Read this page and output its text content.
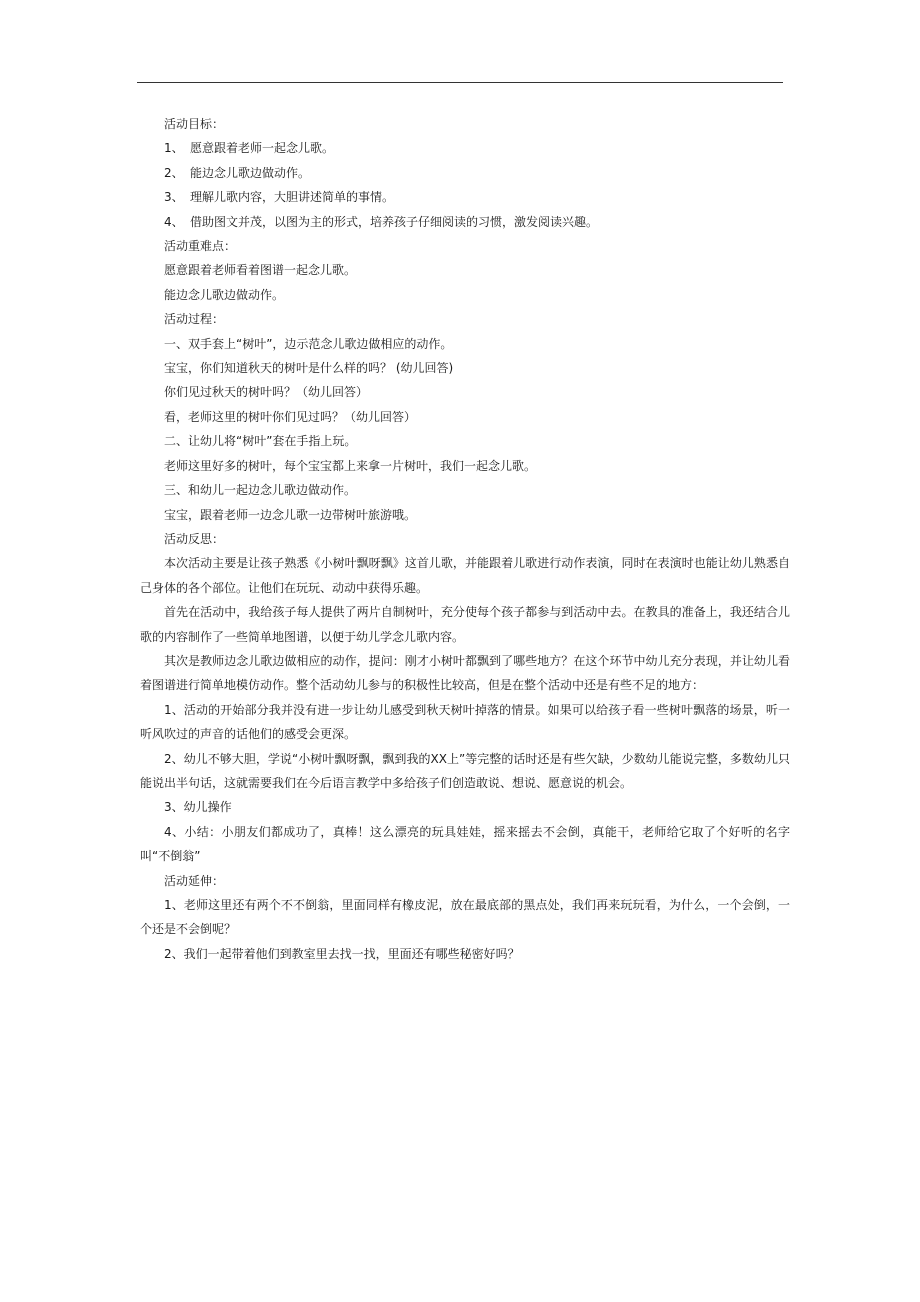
活动目标：
1、 愿意跟着老师一起念儿歌。
2、 能边念儿歌边做动作。
3、 理解儿歌内容，大胆讲述简单的事情。
4、 借助图文并茂，以图为主的形式，培养孩子仔细阅读的习惯，激发阅读兴趣。
活动重难点：
愿意跟着老师看着图谱一起念儿歌。
能边念儿歌边做动作。
活动过程：
一、双手套上“树叶”，边示范念儿歌边做相应的动作。
宝宝，你们知道秋天的树叶是什么样的吗？ (幼儿回答)
你们见过秋天的树叶吗？（幼儿回答）
看，老师这里的树叶你们见过吗？（幼儿回答）
二、让幼儿将“树叶”套在手指上玩。
老师这里好多的树叶，每个宝宝都上来拿一片树叶，我们一起念儿歌。
三、和幼儿一起边念儿歌边做动作。
宝宝，跟着老师一边念儿歌一边带树叶旅游哦。
活动反思：
本次活动主要是让孩子熟悉《小树叶飘呀飘》这首儿歌，并能跟着儿歌进行动作表演，同时在表演时也能让幼儿熟悉自己身体的各个部位。让他们在玩玩、动动中获得乐趣。
首先在活动中，我给孩子每人提供了两片自制树叶，充分使每个孩子都参与到活动中去。在教具的准备上，我还结合儿歌的内容制作了一些简单地图谱，以便于幼儿学念儿歌内容。
其次是教师边念儿歌边做相应的动作，提问：刚才小树叶都飘到了哪些地方？在这个环节中幼儿充分表现，并让幼儿看着图谱进行简单地模仿动作。整个活动幼儿参与的积极性比较高，但是在整个活动中还是有些不足的地方：
1、活动的开始部分我并没有进一步让幼儿感受到秋天树叶掉落的情景。如果可以给孩子看一些树叶飘落的场景，听一听风吹过的声音的话他们的感受会更深。
2、幼儿不够大胆，学说“小树叶飘呀飘，飘到我的XX上”等完整的话时还是有些欠缺，少数幼儿能说完整，多数幼儿只能说出半句话，这就需要我们在今后语言教学中多给孩子们创造敢说、想说、愿意说的机会。
3、幼儿操作
4、小结：小朋友们都成功了，真棒！这么漂亮的玩具娃娃，摇来摇去不会倒，真能干，老师给它取了个好听的名字叫“不倒翁”
活动延伸：
1、老师这里还有两个不不倒翁，里面同样有橡皮泥，放在最底部的黑点处，我们再来玩玩看，为什么，一个会倒，一个还是不会倒呢？
2、我们一起带着他们到教室里去找一找，里面还有哪些秘密好吗？
